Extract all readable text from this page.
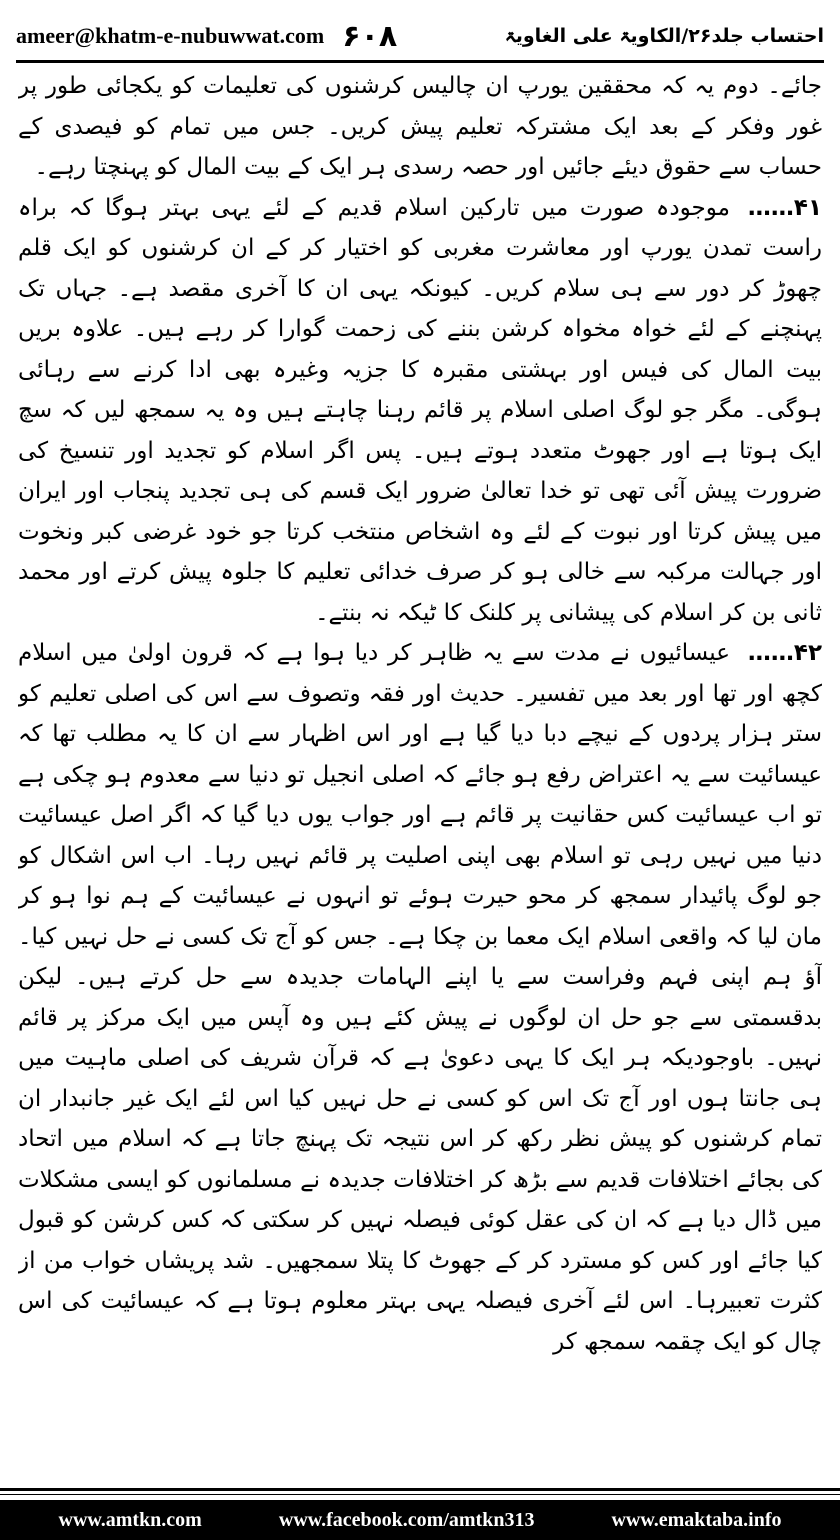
ameer@khatm-e-nubuwwat.com ۶۰۸	احتساب جلد۲۶/الکاویۃ علی الغاویۃ

جائے۔ دوم یہ کہ محققین یورپ ان چالیس کرشنوں کی تعلیمات کو یکجائی طور پر غور وفکر کے بعد ایک مشترکہ تعلیم پیش کریں۔ جس میں تمام کو فیصدی کے حساب سے حقوق دیئے جائیں اور حصہ رسدی ہر ایک کے بیت المال کو پہنچتا رہے۔

۴۱……موجودہ صورت میں تارکین اسلام قدیم کے لئے یہی بہتر ہوگا کہ براہ راست تمدن یورپ اور معاشرت مغربی کو اختیار کر کے ان کرشنوں کو ایک قلم چھوڑ کر دور سے ہی سلام کریں۔ کیونکہ یہی ان کا آخری مقصد ہے۔ جہاں تک پہنچنے کے لئے خواہ مخواہ کرشن بننے کی زحمت گوارا کر رہے ہیں۔ علاوہ بریں بیت المال کی فیس اور بہشتی مقبرہ کا جزیہ وغیرہ بھی ادا کرنے سے رہائی ہوگی۔ مگر جو لوگ اصلی اسلام پر قائم رہنا چاہتے ہیں وہ یہ سمجھ لیں کہ سچ ایک ہوتا ہے اور جھوٹ متعدد ہوتے ہیں۔ پس اگر اسلام کو تجدید اور تنسیخ کی ضرورت پیش آئی تھی تو خدا تعالیٰ ضرور ایک قسم کی ہی تجدید پنجاب اور ایران میں پیش کرتا اور نبوت کے لئے وہ اشخاص منتخب کرتا جو خود غرضی کبر ونخوت اور جہالت مرکبہ سے خالی ہو کر صرف خدائی تعلیم کا جلوہ پیش کرتے اور محمد ثانی بن کر اسلام کی پیشانی پر کلنک کا ٹیکہ نہ بنتے۔

۴۲……عیسائیوں نے مدت سے یہ ظاہر کر دیا ہوا ہے کہ قرون اولیٰ میں اسلام کچھ اور تھا اور بعد میں تفسیر۔ حدیث اور فقہ وتصوف سے اس کی اصلی تعلیم کو ستر ہزار پردوں کے نیچے دبا دیا گیا ہے اور اس اظہار سے ان کا یہ مطلب تھا کہ عیسائیت سے یہ اعتراض رفع ہو جائے کہ اصلی انجیل تو دنیا سے معدوم ہو چکی ہے تو اب عیسائیت کس حقانیت پر قائم ہے اور جواب یوں دیا گیا کہ اگر اصل عیسائیت دنیا میں نہیں رہی تو اسلام بھی اپنی اصلیت پر قائم نہیں رہا۔ اب اس اشکال کو جو لوگ پائیدار سمجھ کر محو حیرت ہوئے تو انہوں نے عیسائیت کے ہم نوا ہو کر مان لیا کہ واقعی اسلام ایک معما بن چکا ہے۔ جس کو آج تک کسی نے حل نہیں کیا۔ آؤ ہم اپنی فہم وفراست سے یا اپنے الہامات جدیدہ سے حل کرتے ہیں۔ لیکن بدقسمتی سے جو حل ان لوگوں نے پیش کئے ہیں وہ آپس میں ایک مرکز پر قائم نہیں۔ باوجودیکہ ہر ایک کا یہی دعویٰ ہے کہ قرآن شریف کی اصلی ماہیت میں ہی جانتا ہوں اور آج تک اس کو کسی نے حل نہیں کیا اس لئے ایک غیر جانبدار ان تمام کرشنوں کو پیش نظر رکھ کر اس نتیجہ تک پہنچ جاتا ہے کہ اسلام میں اتحاد کی بجائے اختلافات قدیم سے بڑھ کر اختلافات جدیدہ نے مسلمانوں کو ایسی مشکلات میں ڈال دیا ہے کہ ان کی عقل کوئی فیصلہ نہیں کر سکتی کہ کس کرشن کو قبول کیا جائے اور کس کو مسترد کر کے جھوٹ کا پتلا سمجھیں۔ شد پریشاں خواب من از کثرت تعبیرہا۔ اس لئے آخری فیصلہ یہی بہتر معلوم ہوتا ہے کہ عیسائیت کی اس چال کو ایک چقمہ سمجھ کر

www.amtkn.com	www.facebook.com/amtkn313	www.emaktaba.info
